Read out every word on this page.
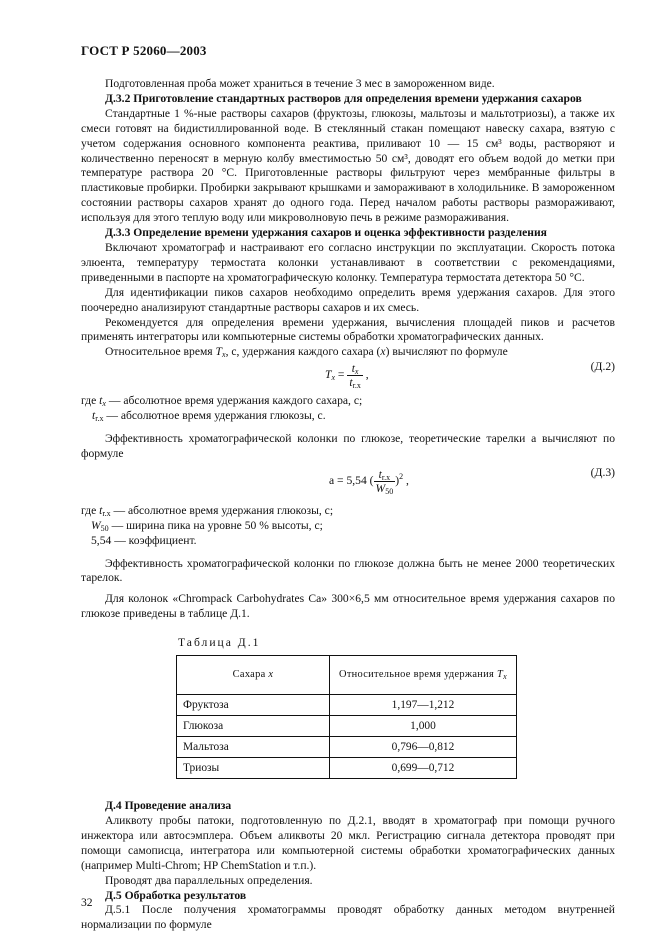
ГОСТ Р 52060—2003

Подготовленная проба может храниться в течение 3 мес в замороженном виде.

Д.3.2 Приготовление стандартных растворов для определения времени удержания сахаров

Стандартные 1 %-ные растворы сахаров (фруктозы, глюкозы, мальтозы и мальтотриозы), а также их смеси готовят на бидистиллированной воде. В стеклянный стакан помещают навеску сахара, взятую с учетом содержания основного компонента реактива, приливают 10 — 15 см³ воды, растворяют и количественно переносят в мерную колбу вместимостью 50 см³, доводят его объем водой до метки при температуре раствора 20 °С. Приготовленные растворы фильтруют через мембранные фильтры в пластиковые пробирки. Пробирки закрывают крышками и замораживают в холодильнике. В замороженном состоянии растворы сахаров хранят до одного года. Перед началом работы растворы размораживают, используя для этого теплую воду или микроволновую печь в режиме размораживания.

Д.3.3 Определение времени удержания сахаров и оценка эффективности разделения

Включают хроматограф и настраивают его согласно инструкции по эксплуатации. Скорость потока элюента, температуру термостата колонки устанавливают в соответствии с рекомендациями, приведенными в паспорте на хроматографическую колонку. Температура термостата детектора 50 °С.

Для идентификации пиков сахаров необходимо определить время удержания сахаров. Для этого поочередно анализируют стандартные растворы сахаров и их смесь.

Рекомендуется для определения времени удержания, вычисления площадей пиков и расчетов применять интеграторы или компьютерные системы обработки хроматографических данных.

Относительное время $T_x$, с, удержания каждого сахара (x) вычисляют по формуле

$T_x = \frac{t_x}{t_{r.x}}$ ,
(Д.2)

где $t_x$ — абсолютное время удержания каждого сахара, с;

$t_{r.x}$ — абсолютное время удержания глюкозы, с.

Эффективность хроматографической колонки по глюкозе, теоретические тарелки a вычисляют по формуле

a = 5,54 ( $\frac{t_{r.x}}{W_{50}} )^2$ ,
(Д.3)

где $t_{r.x}$ — абсолютное время удержания глюкозы, с;

$W_{50}$ — ширина пика на уровне 50 % высоты, с;

5,54 — коэффициент.

Эффективность хроматографической колонки по глюкозе должна быть не менее 2000 теоретических тарелок.

Для колонок «Chrompack Carbohydrates Ca» 300×6,5 мм относительное время удержания сахаров по глюкозе приведены в таблице Д.1.

Таблица Д.1
Сахара x	Относительное время удержания $T_x$
Фруктоза	1,197—1,212
Глюкоза	1,000
Мальтоза	0,796—0,812
Триозы	0,699—0,712

Д.4 Проведение анализа

Аликвоту пробы патоки, подготовленную по Д.2.1, вводят в хроматограф при помощи ручного инжектора или автосэмплера. Объем аликвоты 20 мкл. Регистрацию сигнала детектора проводят при помощи самописца, интегратора или компьютерной системы обработки хроматографических данных (например Multi-Chrom; HP ChemStation и т.п.).

Проводят два параллельных определения.

Д.5 Обработка результатов

Д.5.1 После получения хроматограммы проводят обработку данных методом внутренней нормализации по формуле

32
